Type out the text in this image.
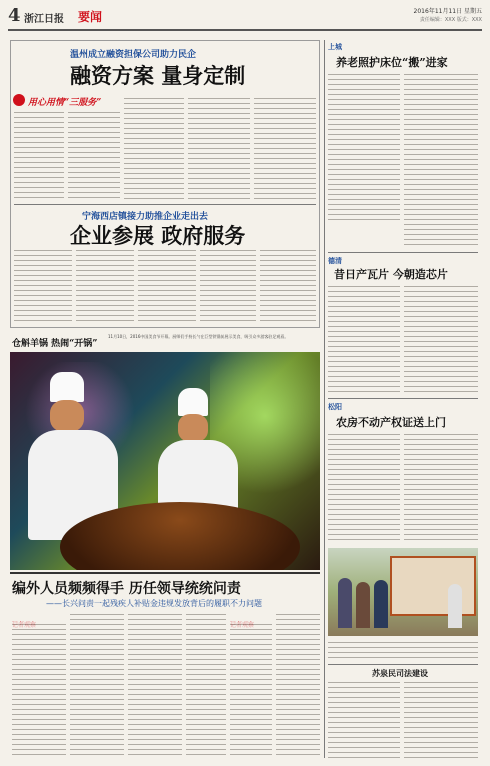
4 浙江日报 要闻	2016年11月11日 星期五
责任编辑：XXX 版式：XXX
温州成立融资担保公司助力民企
融资方案 量身定制
用心用情“三服务”
宁海西店镇接力助推企业走出去
企业参展 政府服务
仓斛羊锅 热闹“开锅”
11月10日，2016中国美食节开幕。厨师们手持长勺在巨型铁锅前展示美食，吸引众多游客驻足观看。
编外人员频频得手 历任领导统统问责
——长兴问责一起残疾人补贴金违规发放背后的履职不力问题
上城
养老照护床位“搬”进家
德清
昔日产瓦片 今朝造芯片
松阳
农房不动产权证送上门
苏泉民司法建设
